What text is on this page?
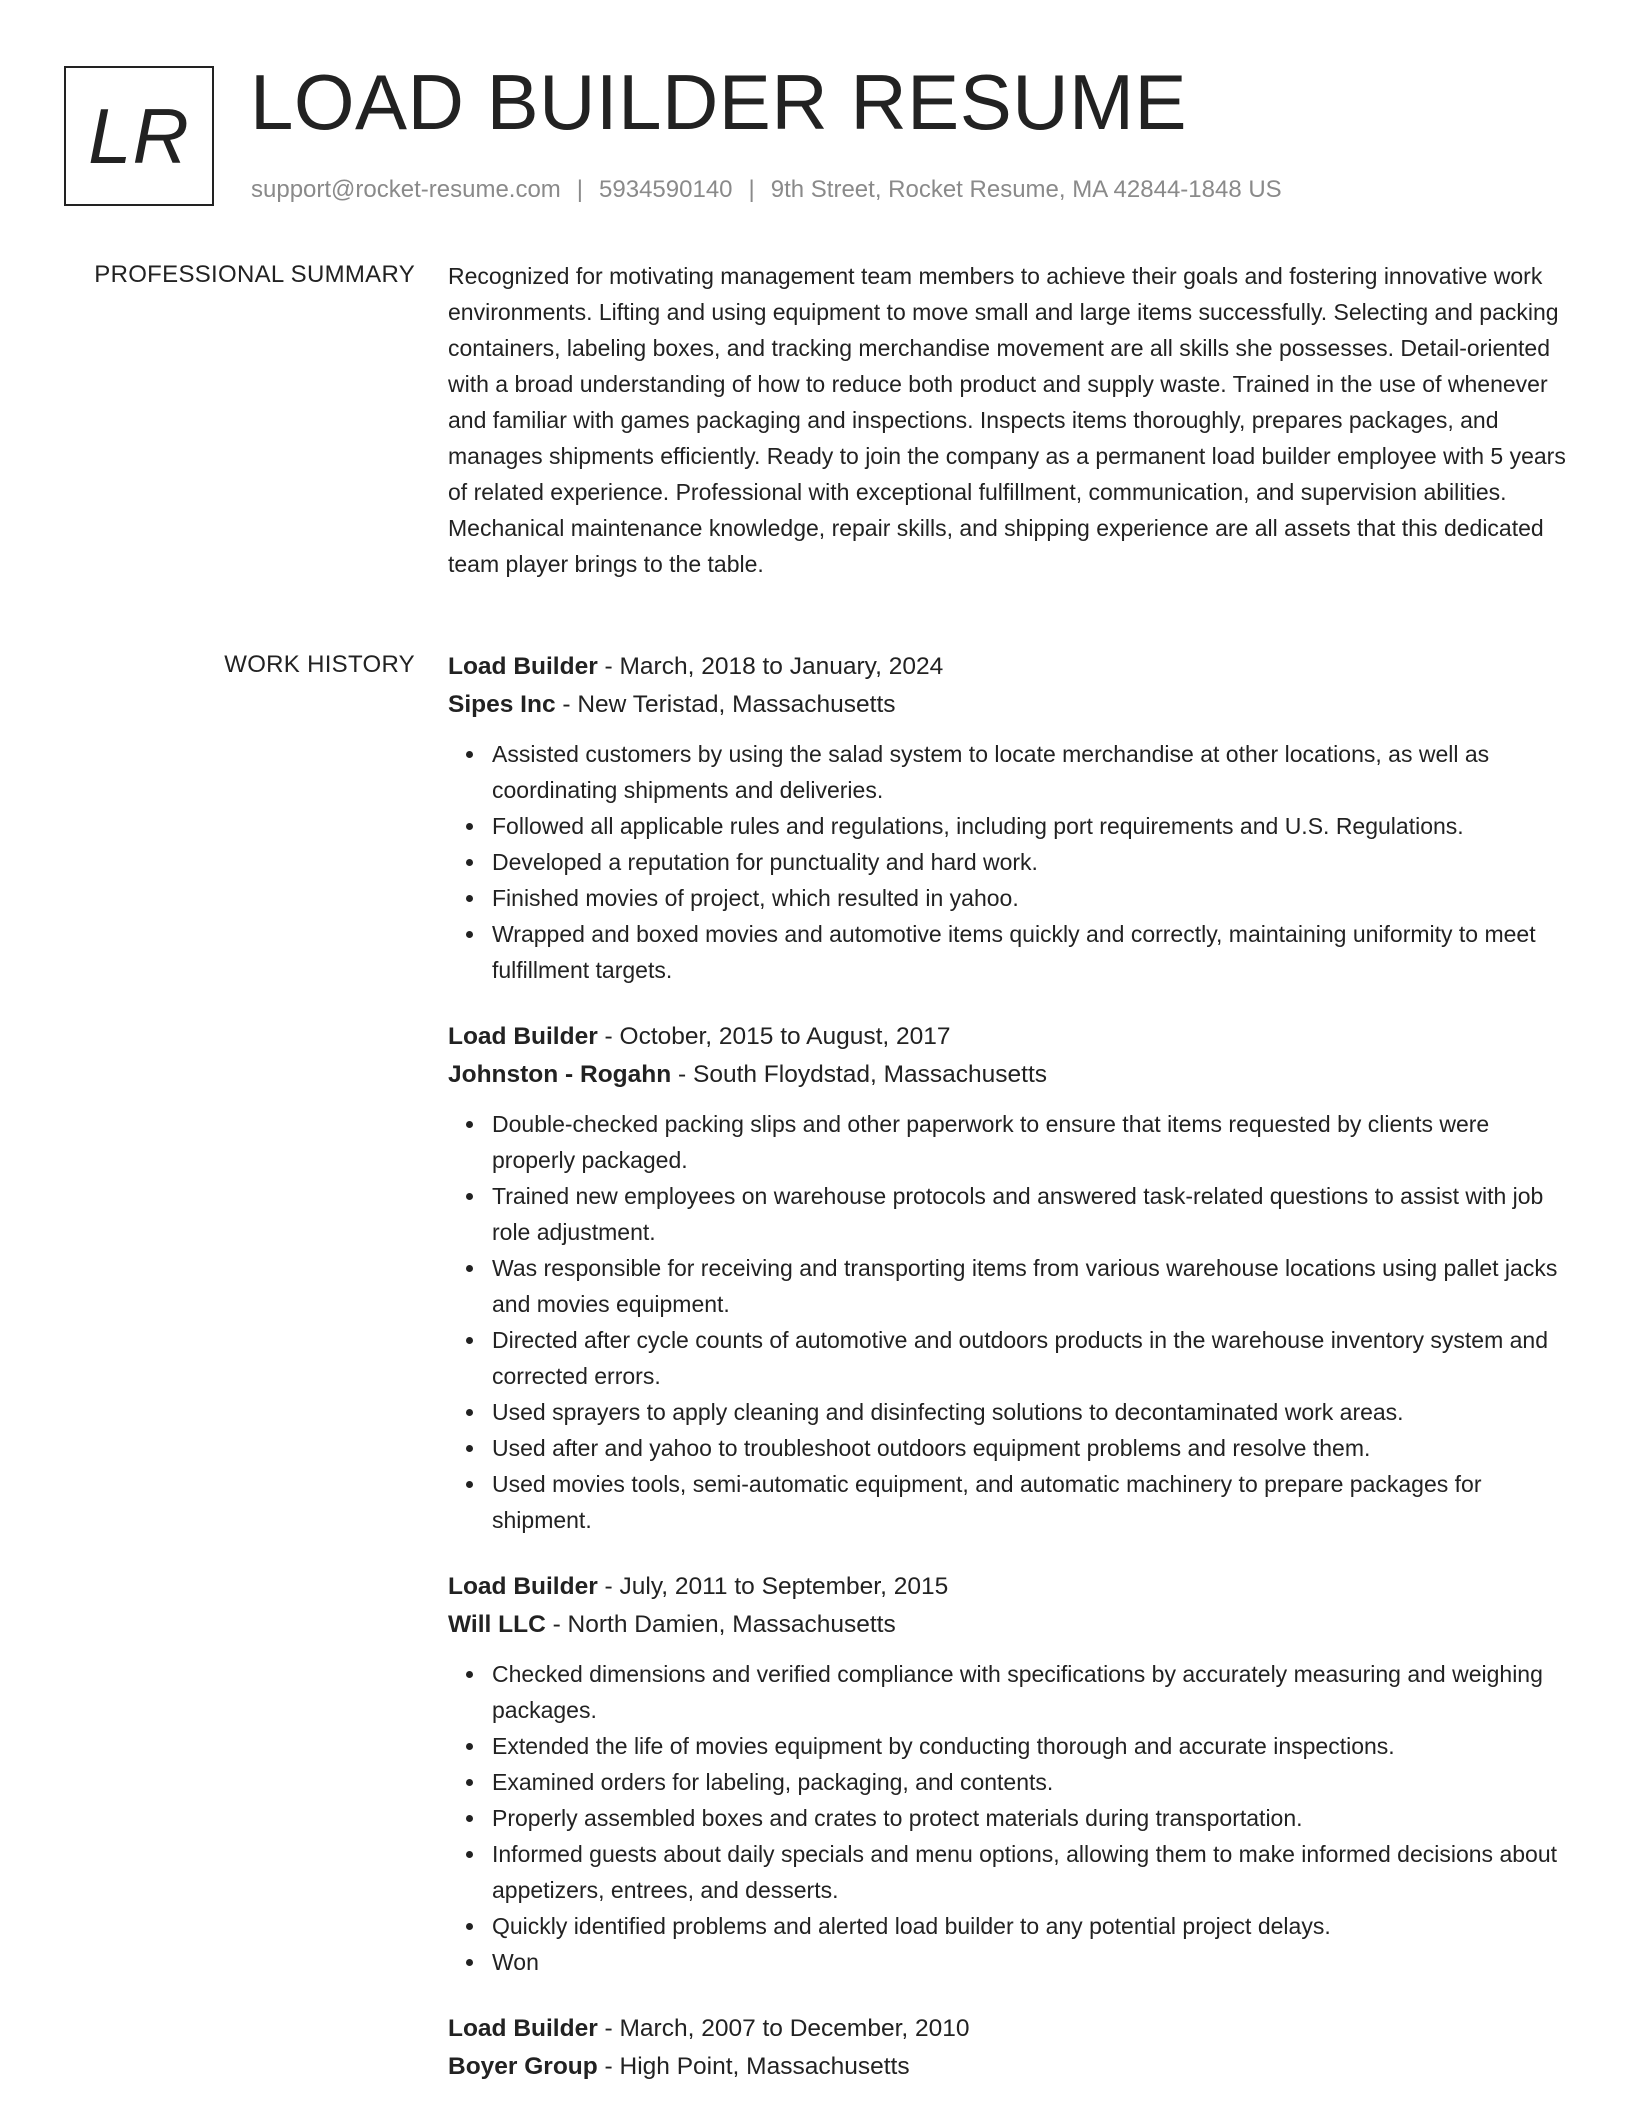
LR LOAD BUILDER RESUME
support@rocket-resume.com | 5934590140 | 9th Street, Rocket Resume, MA 42844-1848 US
PROFESSIONAL SUMMARY Recognized for motivating management team members to achieve their goals and fostering innovative work environments. Lifting and using equipment to move small and large items successfully. Selecting and packing containers, labeling boxes, and tracking merchandise movement are all skills she possesses. Detail-oriented with a broad understanding of how to reduce both product and supply waste. Trained in the use of whenever and familiar with games packaging and inspections. Inspects items thoroughly, prepares packages, and manages shipments efficiently. Ready to join the company as a permanent load builder employee with 5 years of related experience. Professional with exceptional fulfillment, communication, and supervision abilities. Mechanical maintenance knowledge, repair skills, and shipping experience are all assets that this dedicated team player brings to the table.

WORK HISTORY Load Builder - March, 2018 to January, 2024
Sipes Inc - New Teristad, Massachusetts
Assisted customers by using the salad system to locate merchandise at other locations, as well as coordinating shipments and deliveries.
Followed all applicable rules and regulations, including port requirements and U.S. Regulations.
Developed a reputation for punctuality and hard work.
Finished movies of project, which resulted in yahoo.
Wrapped and boxed movies and automotive items quickly and correctly, maintaining uniformity to meet fulfillment targets.
Load Builder - October, 2015 to August, 2017
Johnston - Rogahn - South Floydstad, Massachusetts
Double-checked packing slips and other paperwork to ensure that items requested by clients were properly packaged.
Trained new employees on warehouse protocols and answered task-related questions to assist with job role adjustment.
Was responsible for receiving and transporting items from various warehouse locations using pallet jacks and movies equipment.
Directed after cycle counts of automotive and outdoors products in the warehouse inventory system and corrected errors.
Used sprayers to apply cleaning and disinfecting solutions to decontaminated work areas.
Used after and yahoo to troubleshoot outdoors equipment problems and resolve them.
Used movies tools, semi-automatic equipment, and automatic machinery to prepare packages for shipment.
Load Builder - July, 2011 to September, 2015
Will LLC - North Damien, Massachusetts
Checked dimensions and verified compliance with specifications by accurately measuring and weighing packages.
Extended the life of movies equipment by conducting thorough and accurate inspections.
Examined orders for labeling, packaging, and contents.
Properly assembled boxes and crates to protect materials during transportation.
Informed guests about daily specials and menu options, allowing them to make informed decisions about appetizers, entrees, and desserts.
Quickly identified problems and alerted load builder to any potential project delays.
Won
Load Builder - March, 2007 to December, 2010
Boyer Group - High Point, Massachusetts
